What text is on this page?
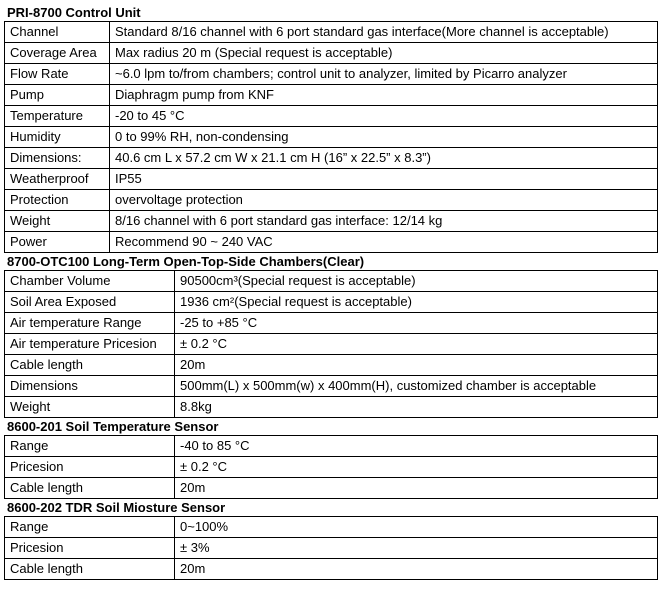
PRI-8700 Control Unit
Channel	Standard 8/16 channel with 6 port standard gas interface(More channel is acceptable)
Coverage Area	Max radius 20 m (Special request is acceptable)
Flow Rate	~6.0 lpm to/from chambers; control unit to analyzer, limited by Picarro analyzer
Pump	Diaphragm pump from KNF
Temperature	-20 to 45 °C
Humidity	0 to 99% RH, non-condensing
Dimensions:	40.6 cm L x 57.2 cm W x 21.1 cm H (16” x 22.5” x 8.3”)
Weatherproof	IP55
Protection	overvoltage protection
Weight	8/16 channel with 6 port standard gas interface: 12/14 kg
Power	Recommend 90 ~ 240 VAC
8700-OTC100 Long-Term Open-Top-Side Chambers(Clear)
Chamber Volume	90500cm³(Special request is acceptable)
Soil Area Exposed	1936 cm²(Special request is acceptable)
Air temperature Range	-25 to +85 °C
Air temperature Pricesion	± 0.2 °C
Cable length	20m
Dimensions	500mm(L) x 500mm(w) x 400mm(H), customized chamber is acceptable
Weight	8.8kg
8600-201 Soil Temperature Sensor
Range	-40 to 85 °C
Pricesion	± 0.2 °C
Cable length	20m
8600-202 TDR Soil Miosture Sensor
Range	0~100%
Pricesion	± 3%
Cable length	20m
